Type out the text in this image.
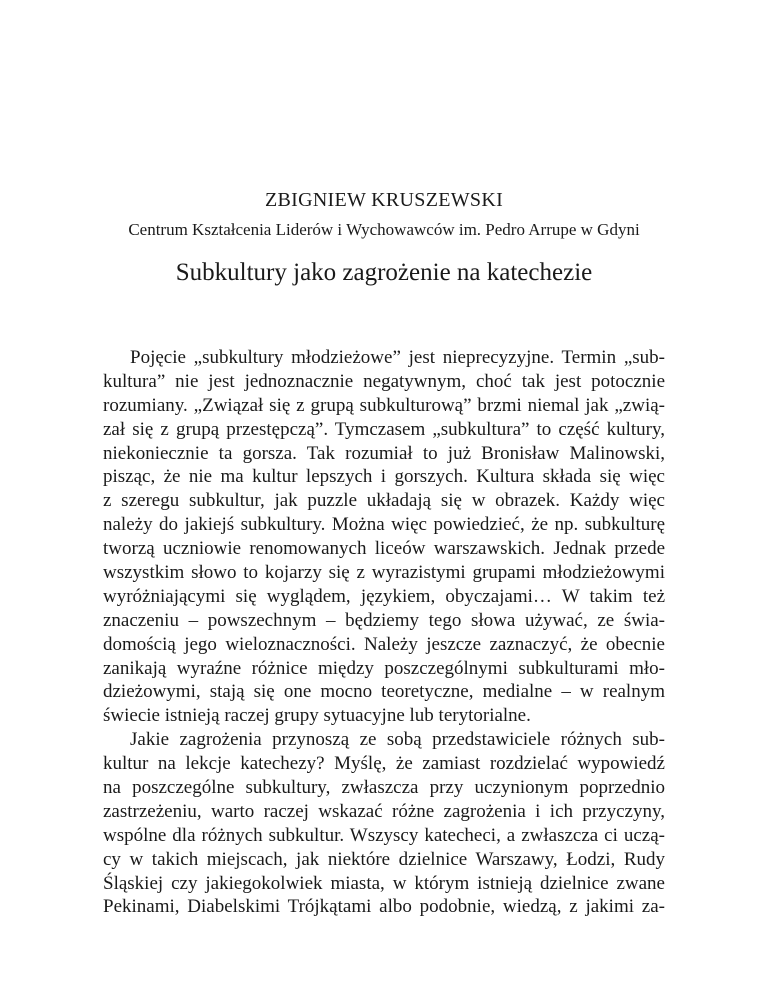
ZBIGNIEW KRUSZEWSKI
Centrum Kształcenia Liderów i Wychowawców im. Pedro Arrupe w Gdyni
Subkultury jako zagrożenie na katechezie
Pojęcie „subkultury młodzieżowe” jest nieprecyzyjne. Termin „sub-
kultura” nie jest jednoznacznie negatywnym, choć tak jest potocznie
rozumiany. „Związał się z grupą subkulturową” brzmi niemal jak „zwią-
zał się z grupą przestępczą”. Tymczasem „subkultura” to część kultury,
niekoniecznie ta gorsza. Tak rozumiał to już Bronisław Malinowski,
pisząc, że nie ma kultur lepszych i gorszych. Kultura składa się więc
z szeregu subkultur, jak puzzle układają się w obrazek. Każdy więc
należy do jakiejś subkultury. Można więc powiedzieć, że np. subkulturę
tworzą uczniowie renomowanych liceów warszawskich. Jednak przede
wszystkim słowo to kojarzy się z wyrazistymi grupami młodzieżowymi
wyróżniającymi się wyglądem, językiem, obyczajami… W takim też
znaczeniu – powszechnym – będziemy tego słowa używać, ze świa-
domością jego wieloznaczności. Należy jeszcze zaznaczyć, że obecnie
zanikają wyraźne różnice między poszczególnymi subkulturami mło-
dzieżowymi, stają się one mocno teoretyczne, medialne – w realnym
świecie istnieją raczej grupy sytuacyjne lub terytorialne.
Jakie zagrożenia przynoszą ze sobą przedstawiciele różnych sub-
kultur na lekcje katechezy? Myślę, że zamiast rozdzielać wypowiedź
na poszczególne subkultury, zwłaszcza przy uczynionym poprzednio
zastrzeżeniu, warto raczej wskazać różne zagrożenia i ich przyczyny,
wspólne dla różnych subkultur. Wszyscy katecheci, a zwłaszcza ci uczą-
cy w takich miejscach, jak niektóre dzielnice Warszawy, Łodzi, Rudy
Śląskiej czy jakiegokolwiek miasta, w którym istnieją dzielnice zwane
Pekinami, Diabelskimi Trójkątami albo podobnie, wiedzą, z jakimi za-
